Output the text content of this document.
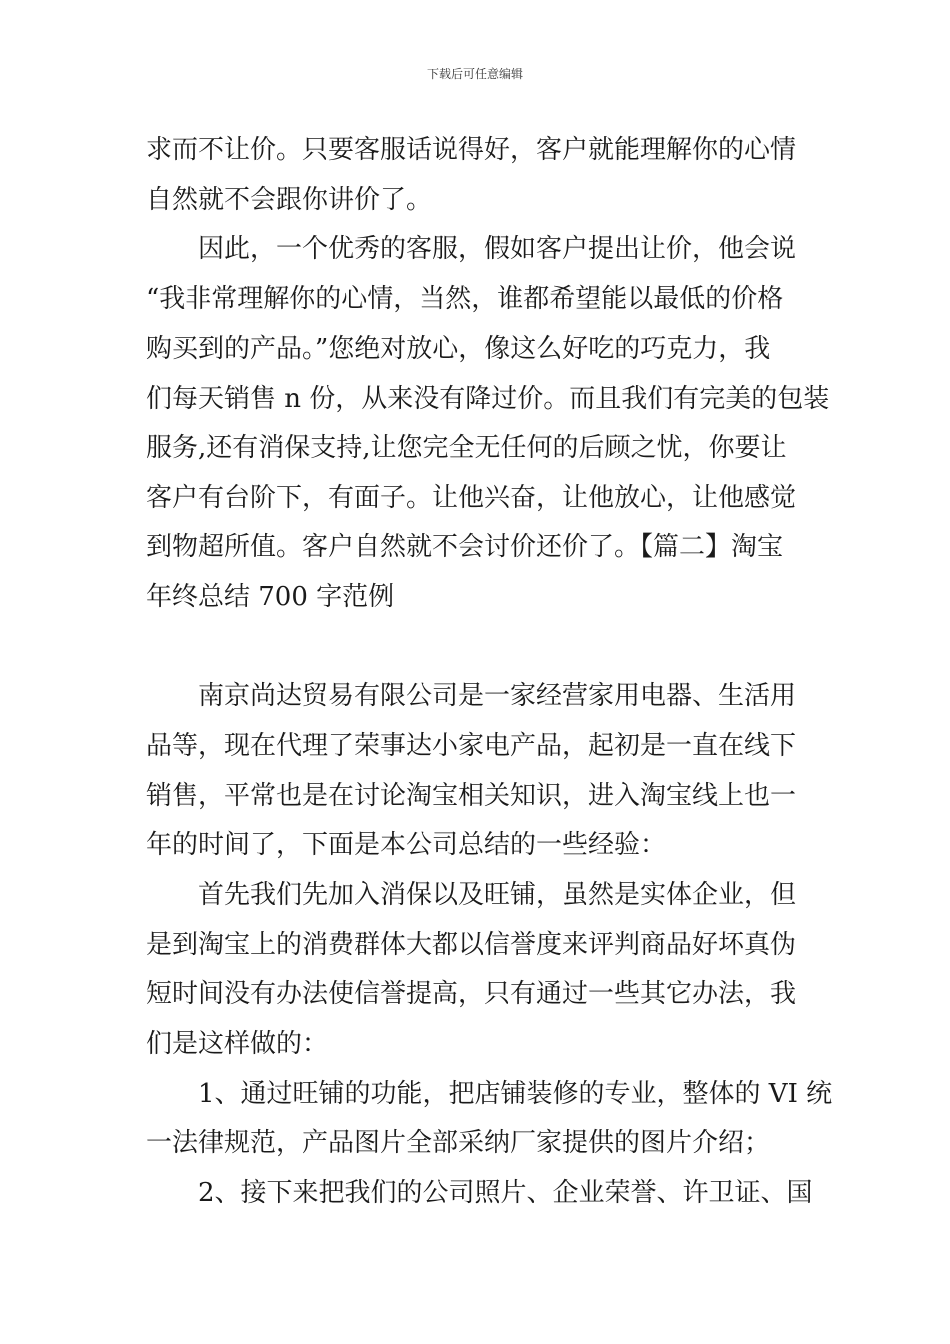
下载后可任意编辑
求而不让价。只要客服话说得好，客户就能理解你的心情
自然就不会跟你讲价了。
因此，一个优秀的客服，假如客户提出让价，他会说
“我非常理解你的心情，当然，谁都希望能以最低的价格
购买到的产品。”您绝对放心，像这么好吃的巧克力，我
们每天销售 n 份，从来没有降过价。而且我们有完美的包装
服务,还有消保支持,让您完全无任何的后顾之忧，你要让
客户有台阶下，有面子。让他兴奋，让他放心，让他感觉
到物超所值。客户自然就不会讨价还价了。【篇二】淘宝
年终总结 700 字范例
南京尚达贸易有限公司是一家经营家用电器、生活用
品等，现在代理了荣事达小家电产品，起初是一直在线下
销售，平常也是在讨论淘宝相关知识，进入淘宝线上也一
年的时间了，下面是本公司总结的一些经验：
首先我们先加入消保以及旺铺，虽然是实体企业，但
是到淘宝上的消费群体大都以信誉度来评判商品好坏真伪
短时间没有办法使信誉提高，只有通过一些其它办法，我
们是这样做的：
1、通过旺铺的功能，把店铺装修的专业，整体的 VI 统
一法律规范，产品图片全部采纳厂家提供的图片介绍；
2、接下来把我们的公司照片、企业荣誉、许卫证、国
